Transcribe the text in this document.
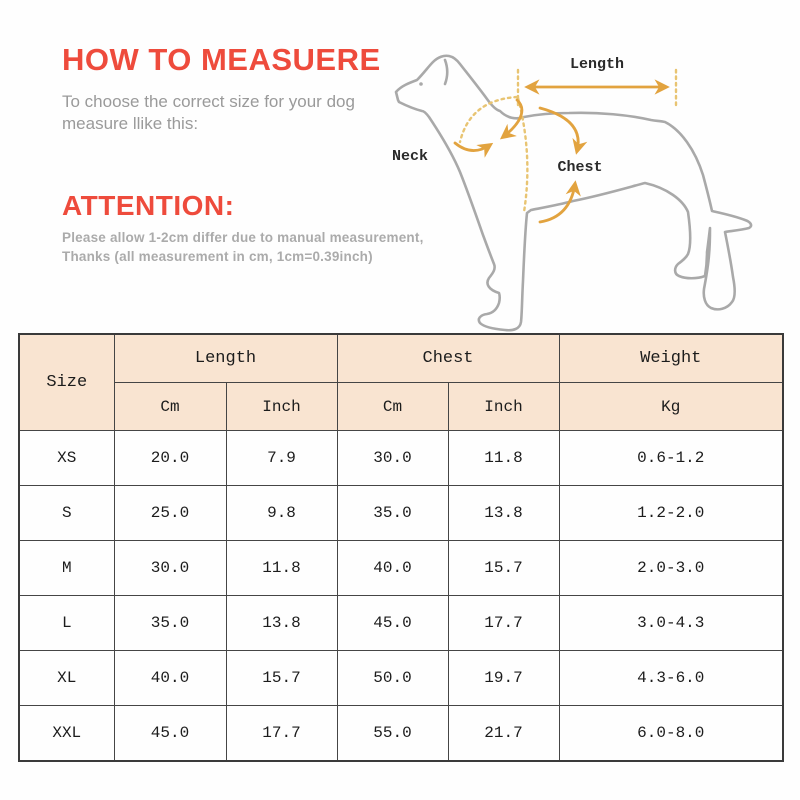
HOW TO MEASUERE
To choose the correct size for your dog
measure llike this:
ATTENTION:
Please allow 1-2cm differ due to manual measurement,
Thanks (all measurement in cm, 1cm=0.39inch)
Length
Neck
Chest
Size	Length		Chest		Weight
	Cm	Inch	Cm	Inch	Kg
XS	20.0	7.9	30.0	11.8	0.6-1.2
S	25.0	9.8	35.0	13.8	1.2-2.0
M	30.0	11.8	40.0	15.7	2.0-3.0
L	35.0	13.8	45.0	17.7	3.0-4.3
XL	40.0	15.7	50.0	19.7	4.3-6.0
XXL	45.0	17.7	55.0	21.7	6.0-8.0
